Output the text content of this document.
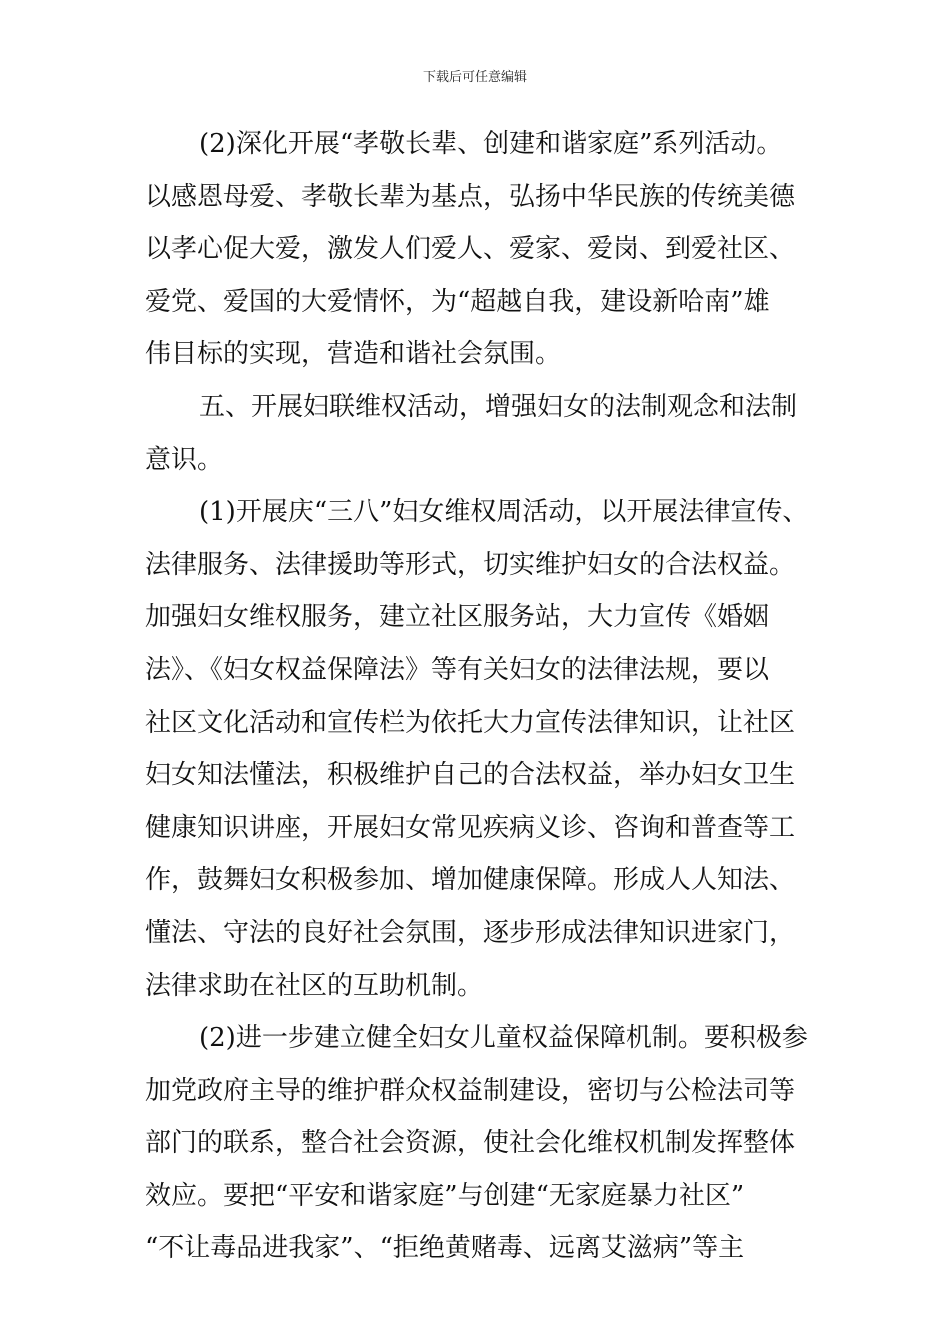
下载后可任意编辑

(2)深化开展“孝敬长辈、创建和谐家庭”系列活动。
以感恩母爱、孝敬长辈为基点，弘扬中华民族的传统美德
以孝心促大爱，激发人们爱人、爱家、爱岗、到爱社区、
爱党、爱国的大爱情怀，为“超越自我，建设新哈南”雄
伟目标的实现，营造和谐社会氛围。

五、开展妇联维权活动，增强妇女的法制观念和法制
意识。

(1)开展庆“三八”妇女维权周活动，以开展法律宣传、
法律服务、法律援助等形式，切实维护妇女的合法权益。
加强妇女维权服务，建立社区服务站，大力宣传《婚姻
法》、《妇女权益保障法》等有关妇女的法律法规，要以
社区文化活动和宣传栏为依托大力宣传法律知识，让社区
妇女知法懂法，积极维护自己的合法权益，举办妇女卫生
健康知识讲座，开展妇女常见疾病义诊、咨询和普查等工
作，鼓舞妇女积极参加、增加健康保障。形成人人知法、
懂法、守法的良好社会氛围，逐步形成法律知识进家门，
法律求助在社区的互助机制。

(2)进一步建立健全妇女儿童权益保障机制。要积极参
加党政府主导的维护群众权益制建设，密切与公检法司等
部门的联系，整合社会资源，使社会化维权机制发挥整体
效应。要把“平安和谐家庭”与创建“无家庭暴力社区”
“不让毒品进我家”、“拒绝黄赌毒、远离艾滋病”等主
